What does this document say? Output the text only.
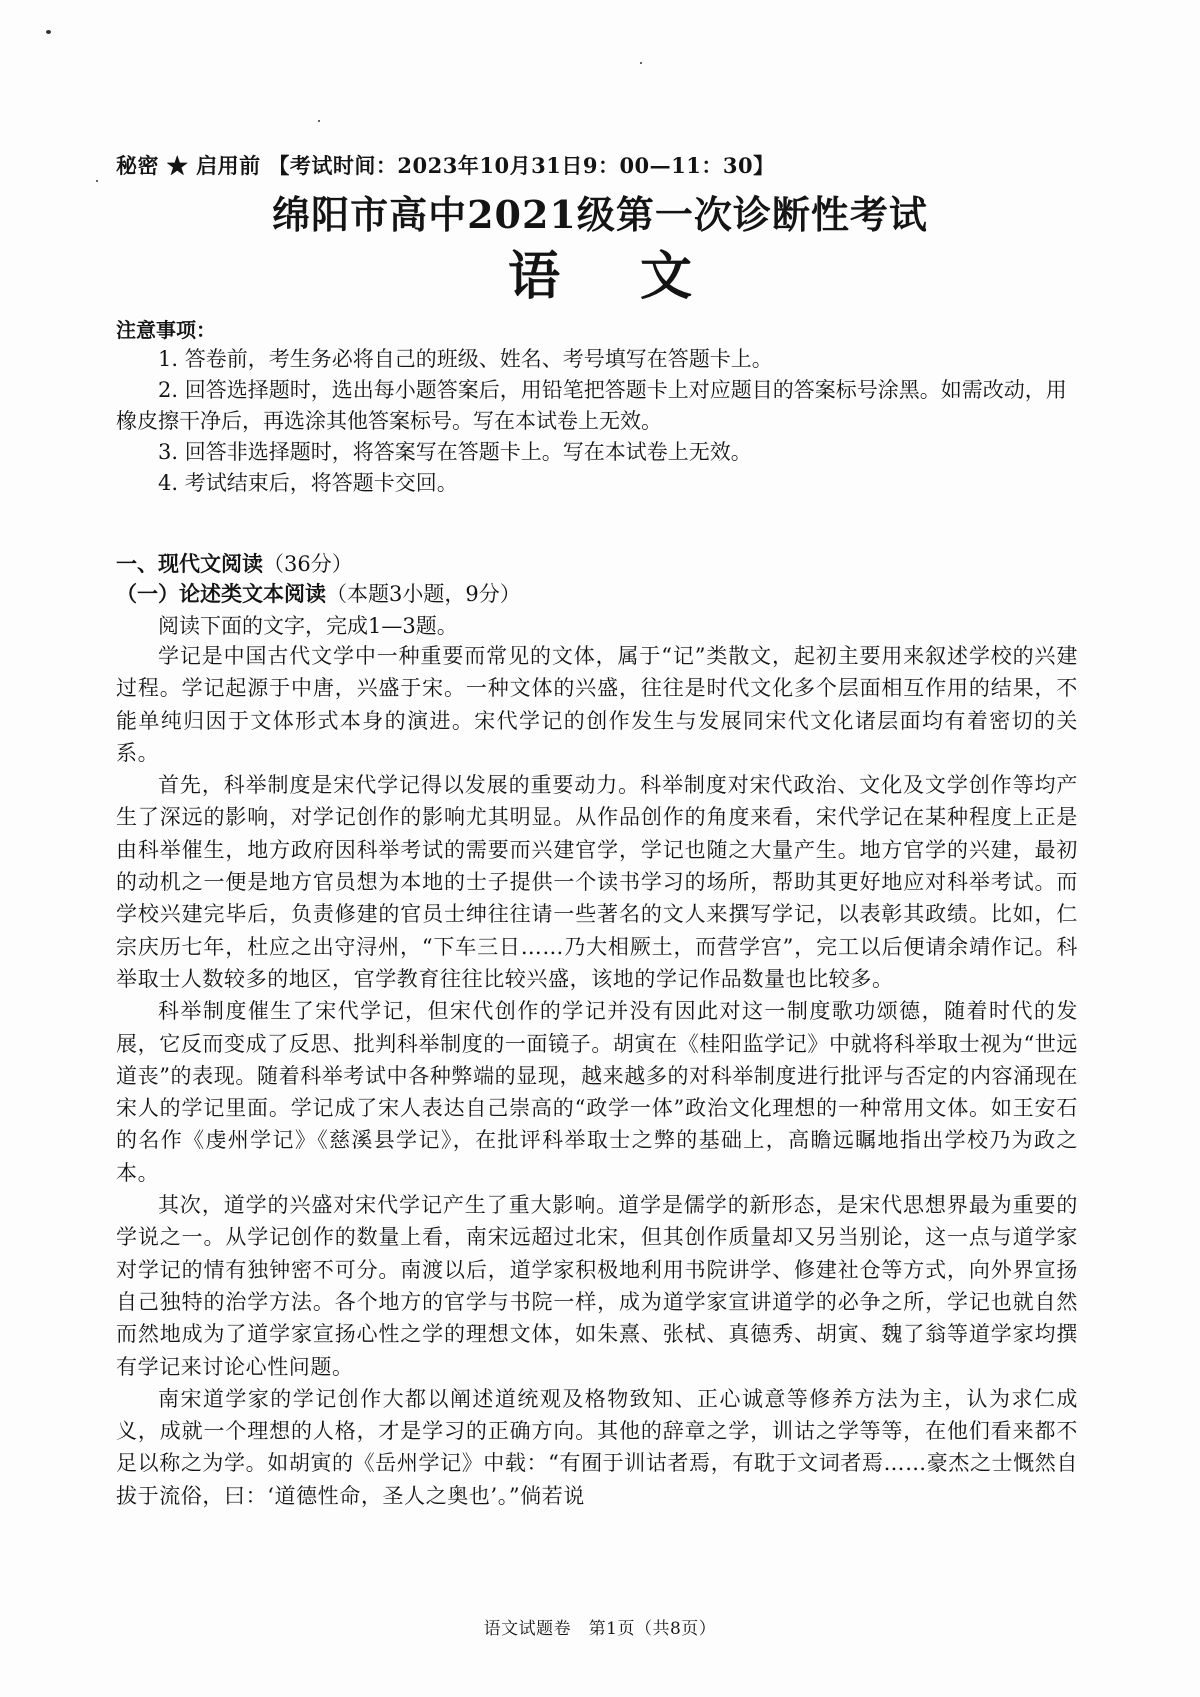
秘密 ★ 启用前 【考试时间：2023年10月31日9：00—11：30】
绵阳市高中2021级第一次诊断性考试
语文
注意事项：

1. 答卷前，考生务必将自己的班级、姓名、考号填写在答题卡上。

2. 回答选择题时，选出每小题答案后，用铅笔把答题卡上对应题目的答案标号涂黑。如需改动，用橡皮擦干净后，再选涂其他答案标号。写在本试卷上无效。

3. 回答非选择题时，将答案写在答题卡上。写在本试卷上无效。

4. 考试结束后，将答题卡交回。

一、现代文阅读（36分）
（一）论述类文本阅读（本题3小题，9分）
阅读下面的文字，完成1—3题。

学记是中国古代文学中一种重要而常见的文体，属于“记”类散文，起初主要用来叙述学校的兴建过程。学记起源于中唐，兴盛于宋。一种文体的兴盛，往往是时代文化多个层面相互作用的结果，不能单纯归因于文体形式本身的演进。宋代学记的创作发生与发展同宋代文化诸层面均有着密切的关系。

首先，科举制度是宋代学记得以发展的重要动力。科举制度对宋代政治、文化及文学创作等均产生了深远的影响，对学记创作的影响尤其明显。从作品创作的角度来看，宋代学记在某种程度上正是由科举催生，地方政府因科举考试的需要而兴建官学，学记也随之大量产生。地方官学的兴建，最初的动机之一便是地方官员想为本地的士子提供一个读书学习的场所，帮助其更好地应对科举考试。而学校兴建完毕后，负责修建的官员士绅往往请一些著名的文人来撰写学记，以表彰其政绩。比如，仁宗庆历七年，杜应之出守浔州，“下车三日……乃大相厥土，而营学宫”，完工以后便请余靖作记。科举取士人数较多的地区，官学教育往往比较兴盛，该地的学记作品数量也比较多。

科举制度催生了宋代学记，但宋代创作的学记并没有因此对这一制度歌功颂德，随着时代的发展，它反而变成了反思、批判科举制度的一面镜子。胡寅在《桂阳监学记》中就将科举取士视为“世远道丧”的表现。随着科举考试中各种弊端的显现，越来越多的对科举制度进行批评与否定的内容涌现在宋人的学记里面。学记成了宋人表达自己崇高的“政学一体”政治文化理想的一种常用文体。如王安石的名作《虔州学记》《慈溪县学记》，在批评科举取士之弊的基础上，高瞻远瞩地指出学校乃为政之本。

其次，道学的兴盛对宋代学记产生了重大影响。道学是儒学的新形态，是宋代思想界最为重要的学说之一。从学记创作的数量上看，南宋远超过北宋，但其创作质量却又另当别论，这一点与道学家对学记的情有独钟密不可分。南渡以后，道学家积极地利用书院讲学、修建社仓等方式，向外界宣扬自己独特的治学方法。各个地方的官学与书院一样，成为道学家宣讲道学的必争之所，学记也就自然而然地成为了道学家宣扬心性之学的理想文体，如朱熹、张栻、真德秀、胡寅、魏了翁等道学家均撰有学记来讨论心性问题。

南宋道学家的学记创作大都以阐述道统观及格物致知、正心诚意等修养方法为主，认为求仁成义，成就一个理想的人格，才是学习的正确方向。其他的辞章之学，训诂之学等等，在他们看来都不足以称之为学。如胡寅的《岳州学记》中载：“有囿于训诂者焉，有耽于文词者焉……豪杰之士慨然自拔于流俗，曰：‘道德性命，圣人之奥也’。”倘若说

语文试题卷　第1页（共8页）
